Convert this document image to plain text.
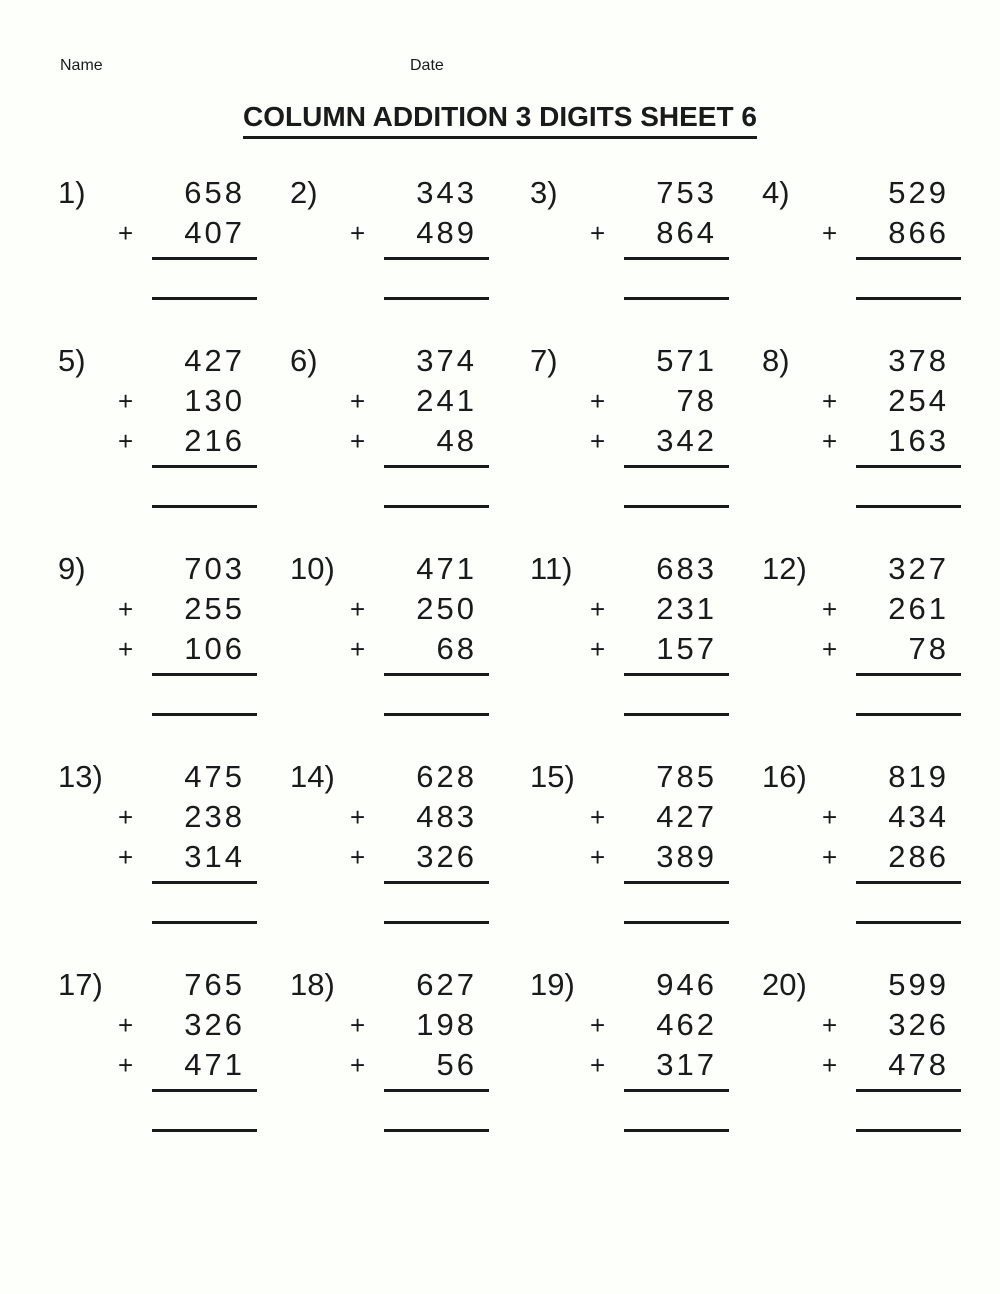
Name	Date
COLUMN ADDITION 3 DIGITS SHEET 6
1)	658
+ 407
2)	343
+ 489
3)	753
+ 864
4)	529
+ 866
5)	427
+ 130
+ 216
6)	374
+ 241
+ 48
7)	571
+ 78
+ 342
8)	378
+ 254
+ 163
9)	703
+ 255
+ 106
10)	471
+ 250
+ 68
11)	683
+ 231
+ 157
12)	327
+ 261
+ 78
13)	475
+ 238
+ 314
14)	628
+ 483
+ 326
15)	785
+ 427
+ 389
16)	819
+ 434
+ 286
17)	765
+ 326
+ 471
18)	627
+ 198
+ 56
19)	946
+ 462
+ 317
20)	599
+ 326
+ 478
